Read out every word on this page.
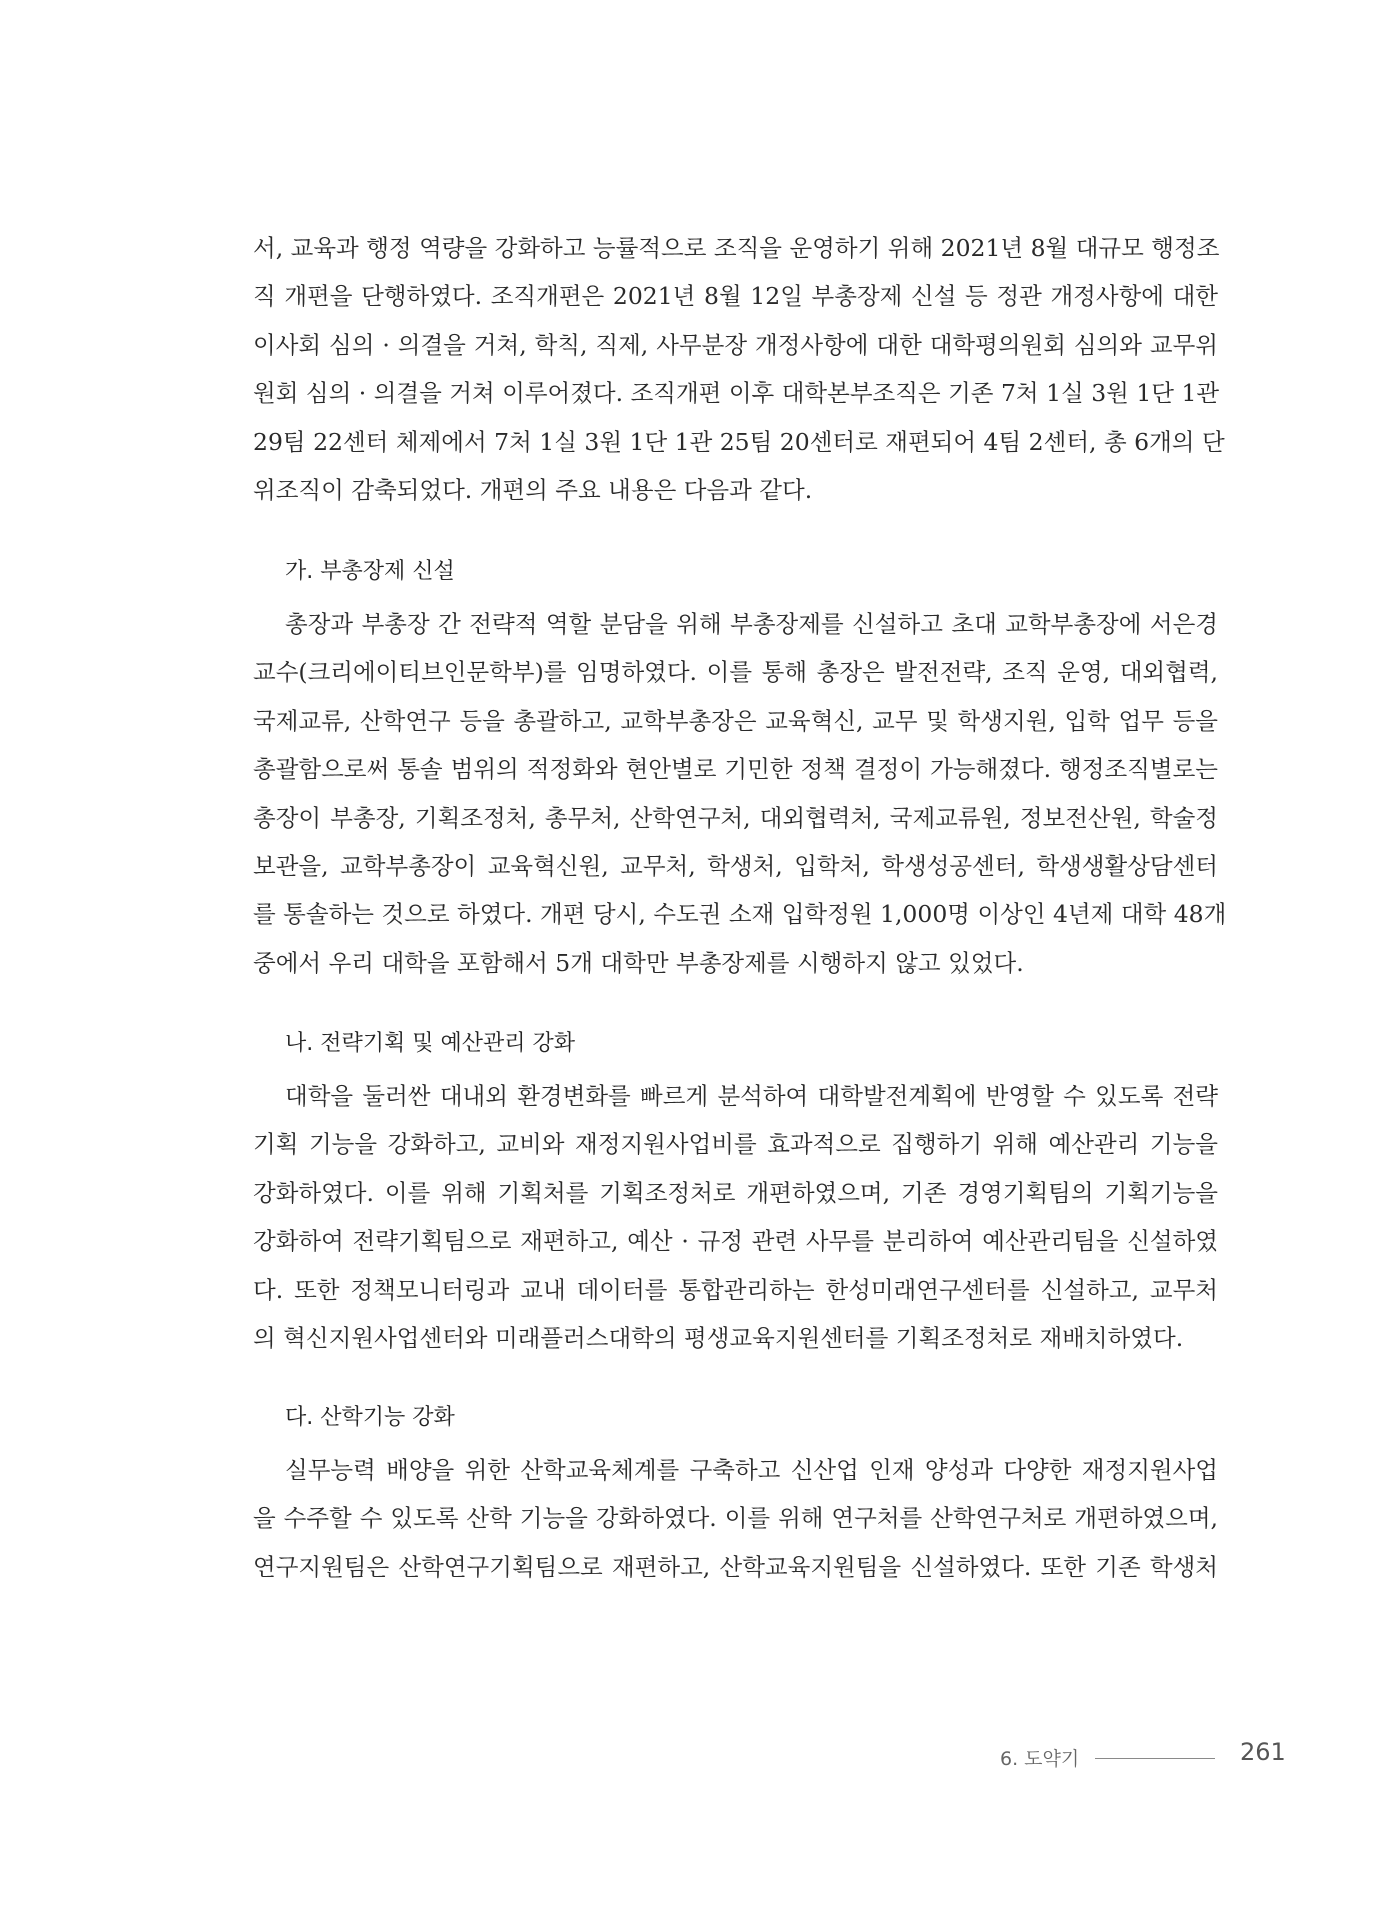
서, 교육과 행정 역량을 강화하고 능률적으로 조직을 운영하기 위해 2021년 8월 대규모 행정조
직 개편을 단행하였다. 조직개편은 2021년 8월 12일 부총장제 신설 등 정관 개정사항에 대한
이사회 심의 · 의결을 거쳐, 학칙, 직제, 사무분장 개정사항에 대한 대학평의원회 심의와 교무위
원회 심의 · 의결을 거쳐 이루어졌다. 조직개편 이후 대학본부조직은 기존 7처 1실 3원 1단 1관
29팀 22센터 체제에서 7처 1실 3원 1단 1관 25팀 20센터로 재편되어 4팀 2센터, 총 6개의 단
위조직이 감축되었다. 개편의 주요 내용은 다음과 같다.

가. 부총장제 신설

총장과 부총장 간 전략적 역할 분담을 위해 부총장제를 신설하고 초대 교학부총장에 서은경
교수(크리에이티브인문학부)를 임명하였다. 이를 통해 총장은 발전전략, 조직 운영, 대외협력,
국제교류, 산학연구 등을 총괄하고, 교학부총장은 교육혁신, 교무 및 학생지원, 입학 업무 등을
총괄함으로써 통솔 범위의 적정화와 현안별로 기민한 정책 결정이 가능해졌다. 행정조직별로는
총장이 부총장, 기획조정처, 총무처, 산학연구처, 대외협력처, 국제교류원, 정보전산원, 학술정
보관을, 교학부총장이 교육혁신원, 교무처, 학생처, 입학처, 학생성공센터, 학생생활상담센터
를 통솔하는 것으로 하였다. 개편 당시, 수도권 소재 입학정원 1,000명 이상인 4년제 대학 48개
중에서 우리 대학을 포함해서 5개 대학만 부총장제를 시행하지 않고 있었다.

나. 전략기획 및 예산관리 강화

대학을 둘러싼 대내외 환경변화를 빠르게 분석하여 대학발전계획에 반영할 수 있도록 전략
기획 기능을 강화하고, 교비와 재정지원사업비를 효과적으로 집행하기 위해 예산관리 기능을
강화하였다. 이를 위해 기획처를 기획조정처로 개편하였으며, 기존 경영기획팀의 기획기능을
강화하여 전략기획팀으로 재편하고, 예산 · 규정 관련 사무를 분리하여 예산관리팀을 신설하였
다. 또한 정책모니터링과 교내 데이터를 통합관리하는 한성미래연구센터를 신설하고, 교무처
의 혁신지원사업센터와 미래플러스대학의 평생교육지원센터를 기획조정처로 재배치하였다.

다. 산학기능 강화

실무능력 배양을 위한 산학교육체계를 구축하고 신산업 인재 양성과 다양한 재정지원사업
을 수주할 수 있도록 산학 기능을 강화하였다. 이를 위해 연구처를 산학연구처로 개편하였으며,
연구지원팀은 산학연구기획팀으로 재편하고, 산학교육지원팀을 신설하였다. 또한 기존 학생처

6. 도약기	261
